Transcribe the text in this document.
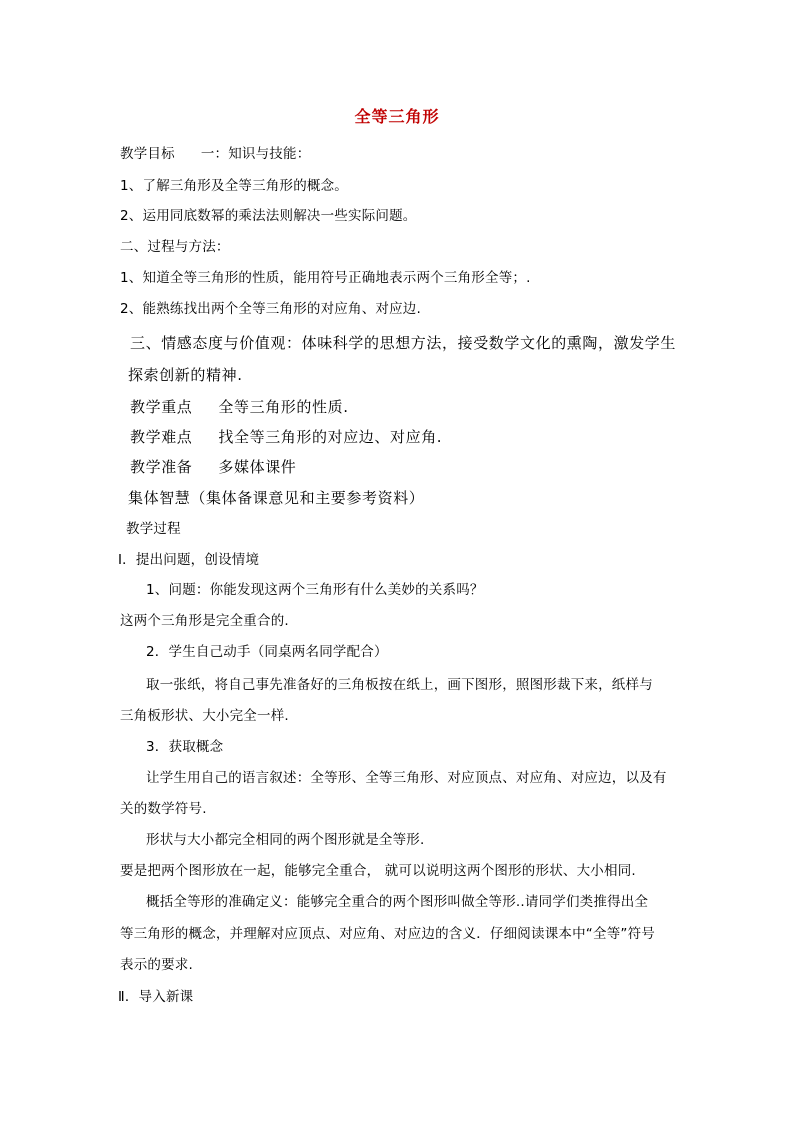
全等三角形

教学目标 一：知识与技能：

1、了解三角形及全等三角形的概念。

2、运用同底数幂的乘法法则解决一些实际问题。

二、过程与方法：

1、知道全等三角形的性质，能用符号正确地表示两个三角形全等；.

2、能熟练找出两个全等三角形的对应角、对应边.

三、情感态度与价值观：体味科学的思想方法，接受数学文化的熏陶，激发学生

探索创新的精神.

教学重点 全等三角形的性质.

教学难点 找全等三角形的对应边、对应角.

教学准备 多媒体课件

集体智慧（集体备课意见和主要参考资料）

教学过程

Ⅰ．提出问题，创设情境

1、问题：你能发现这两个三角形有什么美妙的关系吗？

这两个三角形是完全重合的.

2．学生自己动手（同桌两名同学配合）

取一张纸，将自己事先准备好的三角板按在纸上，画下图形，照图形裁下来，纸样与

三角板形状、大小完全一样.

3．获取概念

让学生用自己的语言叙述：全等形、全等三角形、对应顶点、对应角、对应边，以及有

关的数学符号.

形状与大小都完全相同的两个图形就是全等形.

要是把两个图形放在一起，能够完全重合， 就可以说明这两个图形的形状、大小相同.

概括全等形的准确定义：能够完全重合的两个图形叫做全等形..请同学们类推得出全

等三角形的概念，并理解对应顶点、对应角、对应边的含义．仔细阅读课本中“全等”符号

表示的要求.

Ⅱ．导入新课
